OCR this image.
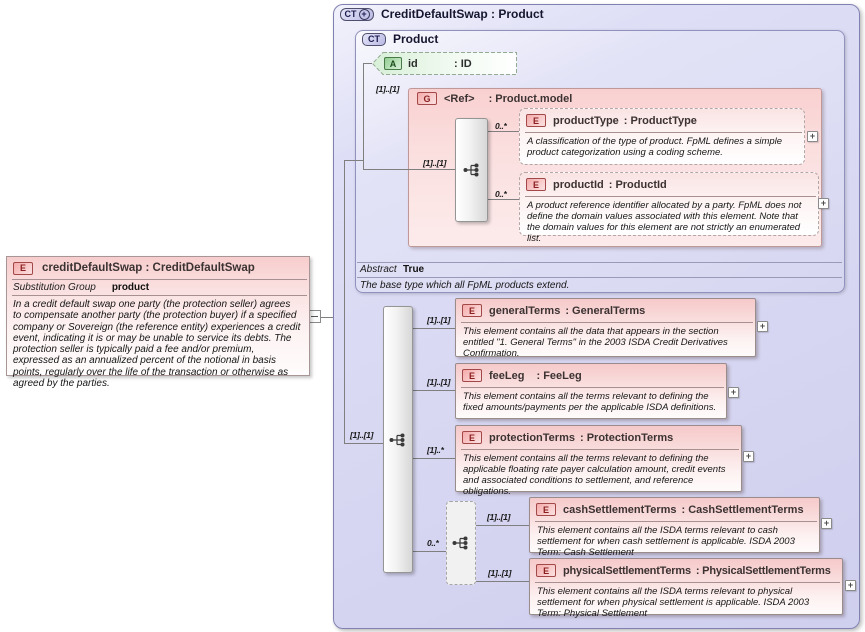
CT + CreditDefaultSwap : Product
CT	Product
A	id	: ID
G	<Ref> : Product.model
E	productType : ProductType
A classification of the type of product. FpML defines a simple product categorization using a coding scheme.
+
E	productId : ProductId
A product reference identifier allocated by a party. FpML does not define the domain values associated with this element. Note that the domain values for this element are not strictly an enumerated list.
+
Abstract True
The base type which all FpML products extend.
E	generalTerms : GeneralTerms
This element contains all the data that appears in the section entitled "1. General Terms" in the 2003 ISDA Credit Derivatives Confirmation.
+
E	feeLeg : FeeLeg
This element contains all the terms relevant to defining the fixed amounts/payments per the applicable ISDA definitions.
+
E	protectionTerms : ProtectionTerms
This element contains all the terms relevant to defining the applicable floating rate payer calculation amount, credit events and associated conditions to settlement, and reference obligations.
+
E	cashSettlementTerms : CashSettlementTerms
This element contains all the ISDA terms relevant to cash settlement for when cash settlement is applicable. ISDA 2003 Term: Cash Settlement
+
E	physicalSettlementTerms : PhysicalSettlementTerms
This element contains all the ISDA terms relevant to physical settlement for when physical settlement is applicable. ISDA 2003 Term: Physical Settlement
+
[1]..[1]
[1]..[1]
0..*
0..*
[1]..[1]
[1]..[1]
[1]..[1]
[1]..*
0..*
[1]..[1]
[1]..[1]
E	creditDefaultSwap : CreditDefaultSwap
Substitution Group product
In a credit default swap one party (the protection seller) agrees to compensate another party (the protection buyer) if a specified company or Sovereign (the reference entity) experiences a credit event, indicating it is or may be unable to service its debts. The protection seller is typically paid a fee and/or premium, expressed as an annualized percent of the notional in basis points, regularly over the life of the transaction or otherwise as agreed by the parties.
